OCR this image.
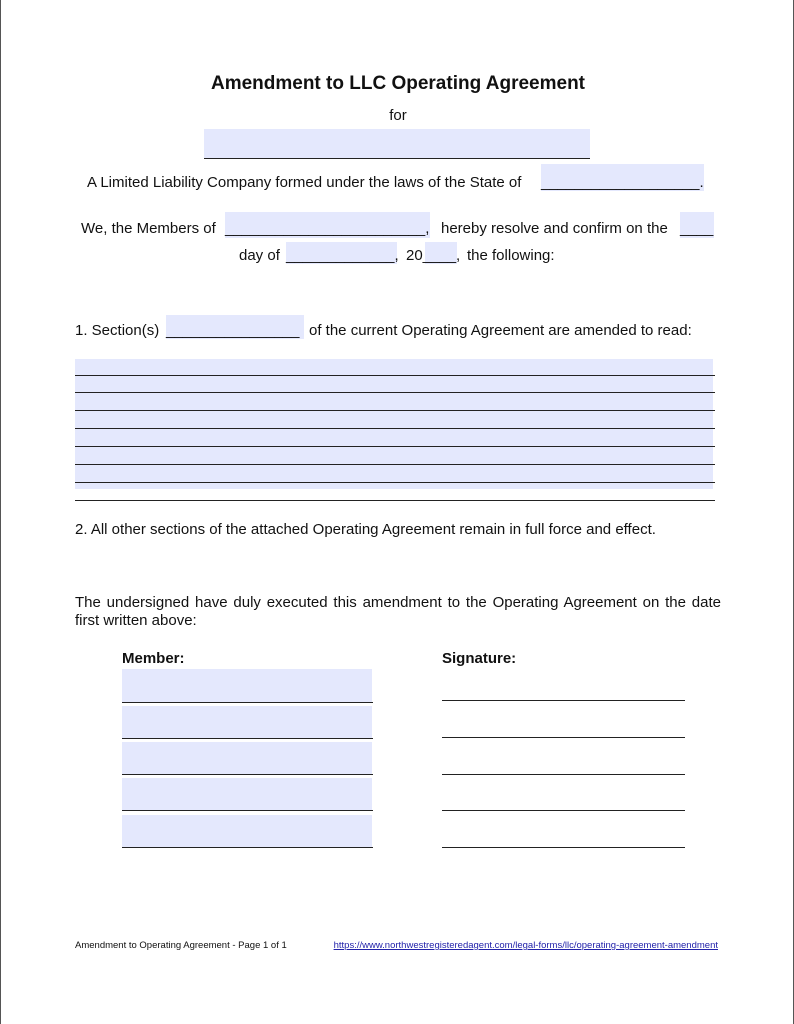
Amendment to LLC Operating Agreement
for
A Limited Liability Company formed under the laws of the State of ___________________.
We, the Members of ________________________, hereby resolve and confirm on the ____
day of _____________, 20____, the following:
1. Section(s) ________________ of the current Operating Agreement are amended to read:
2. All other sections of the attached Operating Agreement remain in full force and effect.
The undersigned have duly executed this amendment to the Operating Agreement on the date first written above:
Member:	Signature:
Amendment to Operating Agreement - Page 1 of 1	https://www.northwestregisteredagent.com/legal-forms/llc/operating-agreement-amendment
